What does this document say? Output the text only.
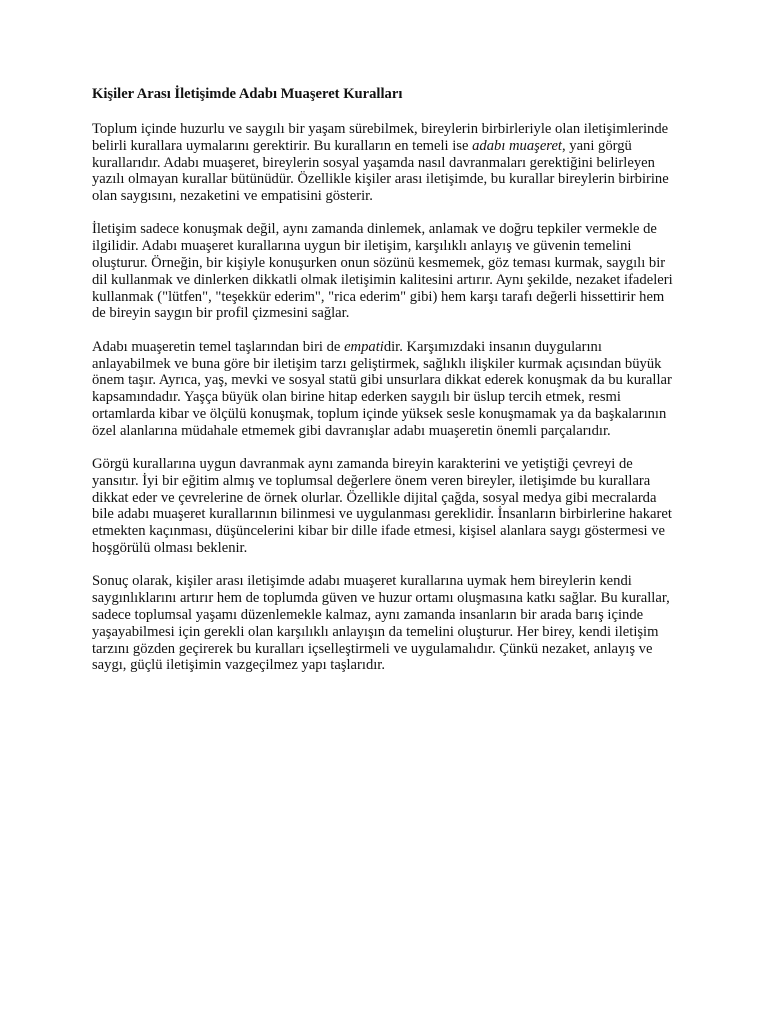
Kişiler Arası İletişimde Adabı Muaşeret Kuralları

Toplum içinde huzurlu ve saygılı bir yaşam sürebilmek, bireylerin birbirleriyle olan iletişimlerinde belirli kurallara uymalarını gerektirir. Bu kuralların en temeli ise adabı muaşeret, yani görgü kurallarıdır. Adabı muaşeret, bireylerin sosyal yaşamda nasıl davranmaları gerektiğini belirleyen yazılı olmayan kurallar bütünüdür. Özellikle kişiler arası iletişimde, bu kurallar bireylerin birbirine olan saygısını, nezaketini ve empatisini gösterir.

İletişim sadece konuşmak değil, aynı zamanda dinlemek, anlamak ve doğru tepkiler vermekle de ilgilidir. Adabı muaşeret kurallarına uygun bir iletişim, karşılıklı anlayış ve güvenin temelini oluşturur. Örneğin, bir kişiyle konuşurken onun sözünü kesmemek, göz teması kurmak, saygılı bir dil kullanmak ve dinlerken dikkatli olmak iletişimin kalitesini artırır. Aynı şekilde, nezaket ifadeleri kullanmak ("lütfen", "teşekkür ederim", "rica ederim" gibi) hem karşı tarafı değerli hissettirir hem de bireyin saygın bir profil çizmesini sağlar.

Adabı muaşeretin temel taşlarından biri de empatidir. Karşımızdaki insanın duygularını anlayabilmek ve buna göre bir iletişim tarzı geliştirmek, sağlıklı ilişkiler kurmak açısından büyük önem taşır. Ayrıca, yaş, mevki ve sosyal statü gibi unsurlara dikkat ederek konuşmak da bu kurallar kapsamındadır. Yaşça büyük olan birine hitap ederken saygılı bir üslup tercih etmek, resmi ortamlarda kibar ve ölçülü konuşmak, toplum içinde yüksek sesle konuşmamak ya da başkalarının özel alanlarına müdahale etmemek gibi davranışlar adabı muaşeretin önemli parçalarıdır.

Görgü kurallarına uygun davranmak aynı zamanda bireyin karakterini ve yetiştiği çevreyi de yansıtır. İyi bir eğitim almış ve toplumsal değerlere önem veren bireyler, iletişimde bu kurallara dikkat eder ve çevrelerine de örnek olurlar. Özellikle dijital çağda, sosyal medya gibi mecralarda bile adabı muaşeret kurallarının bilinmesi ve uygulanması gereklidir. İnsanların birbirlerine hakaret etmekten kaçınması, düşüncelerini kibar bir dille ifade etmesi, kişisel alanlara saygı göstermesi ve hoşgörülü olması beklenir.

Sonuç olarak, kişiler arası iletişimde adabı muaşeret kurallarına uymak hem bireylerin kendi saygınlıklarını artırır hem de toplumda güven ve huzur ortamı oluşmasına katkı sağlar. Bu kurallar, sadece toplumsal yaşamı düzenlemekle kalmaz, aynı zamanda insanların bir arada barış içinde yaşayabilmesi için gerekli olan karşılıklı anlayışın da temelini oluşturur. Her birey, kendi iletişim tarzını gözden geçirerek bu kuralları içselleştirmeli ve uygulamalıdır. Çünkü nezaket, anlayış ve saygı, güçlü iletişimin vazgeçilmez yapı taşlarıdır.
